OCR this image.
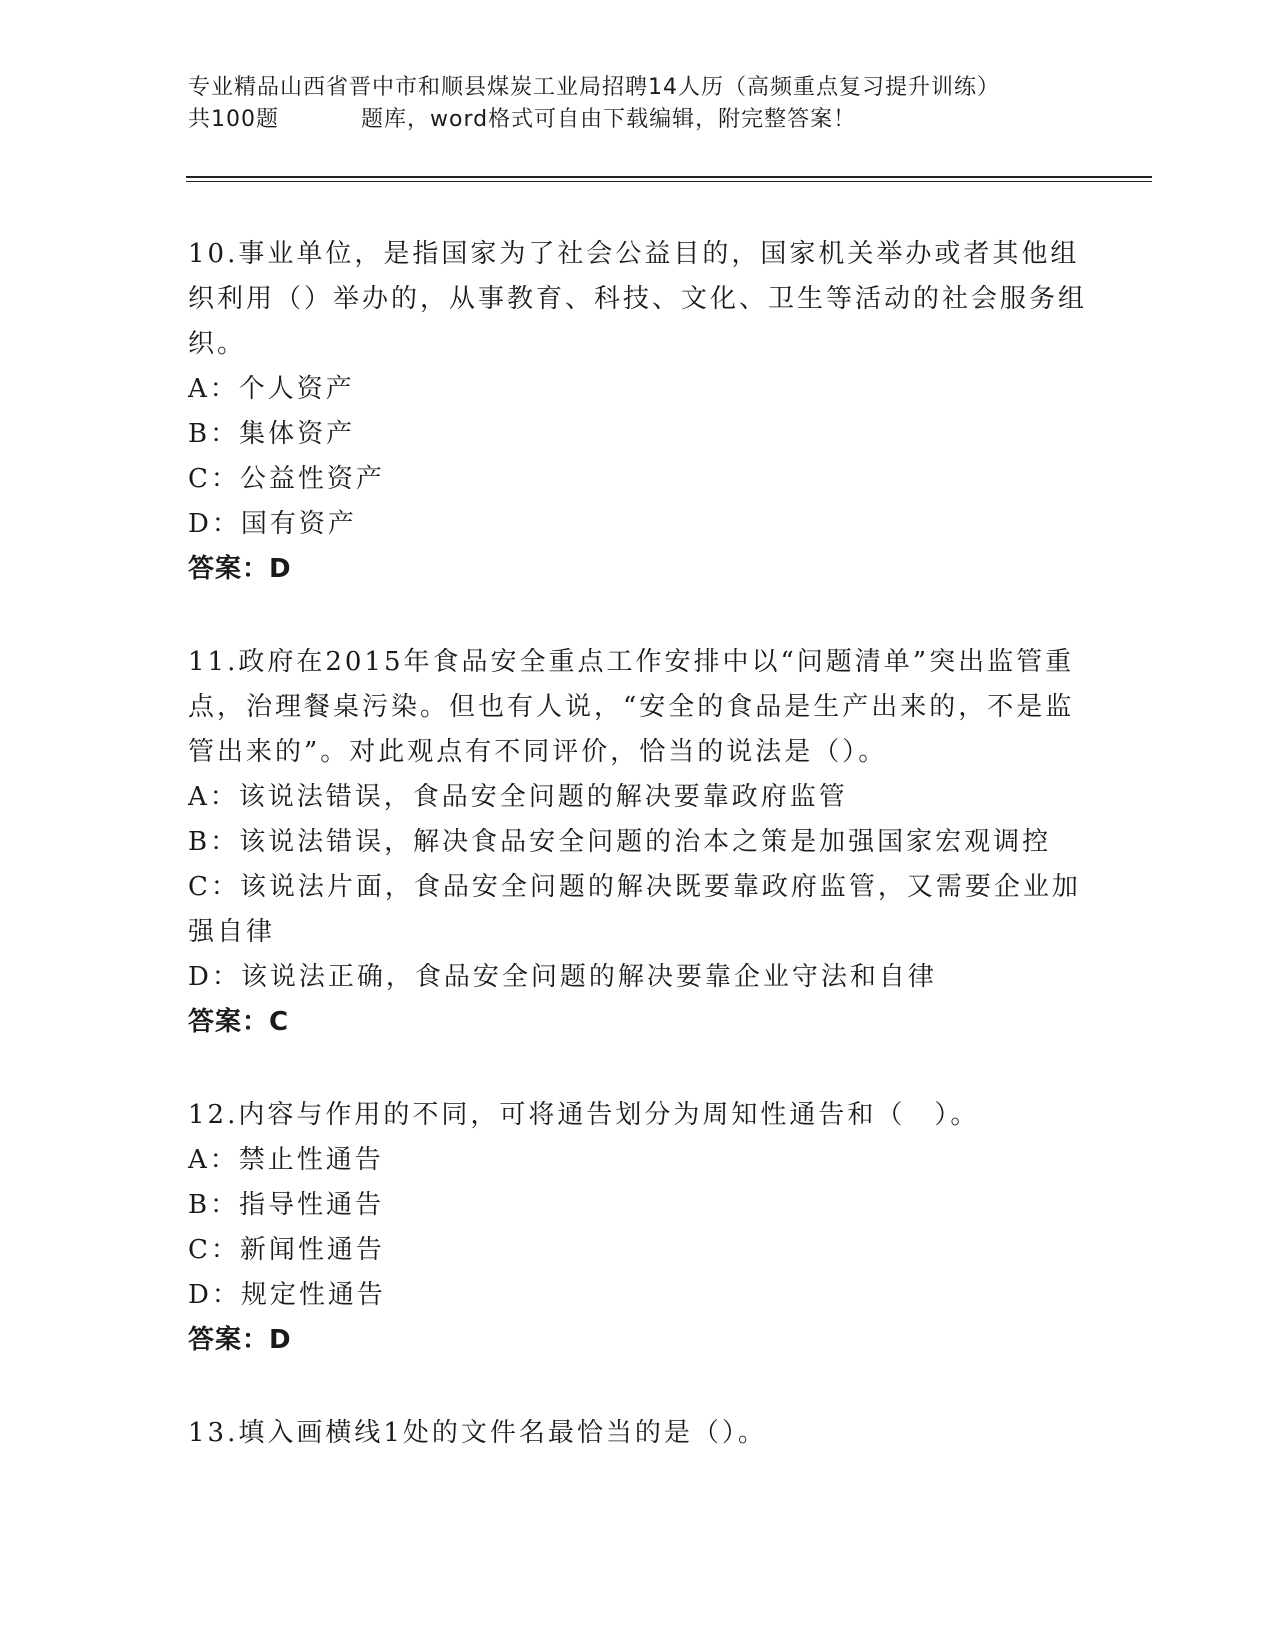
专业精品山西省晋中市和顺县煤炭工业局招聘14人历（高频重点复习提升训练）
共100题	题库，word格式可自由下载编辑，附完整答案！

10.事业单位，是指国家为了社会公益目的，国家机关举办或者其他组织利用（）举办的，从事教育、科技、文化、卫生等活动的社会服务组织。

A：个人资产

B：集体资产

C：公益性资产

D：国有资产

答案：D

11.政府在2015年食品安全重点工作安排中以“问题清单”突出监管重点，治理餐桌污染。但也有人说，“安全的食品是生产出来的，不是监管出来的”。对此观点有不同评价，恰当的说法是（）。

A：该说法错误，食品安全问题的解决要靠政府监管

B：该说法错误，解决食品安全问题的治本之策是加强国家宏观调控

C：该说法片面，食品安全问题的解决既要靠政府监管，又需要企业加强自律

D：该说法正确，食品安全问题的解决要靠企业守法和自律

答案：C

12.内容与作用的不同，可将通告划分为周知性通告和（　）。

A：禁止性通告

B：指导性通告

C：新闻性通告

D：规定性通告

答案：D

13.填入画横线1处的文件名最恰当的是（）。
